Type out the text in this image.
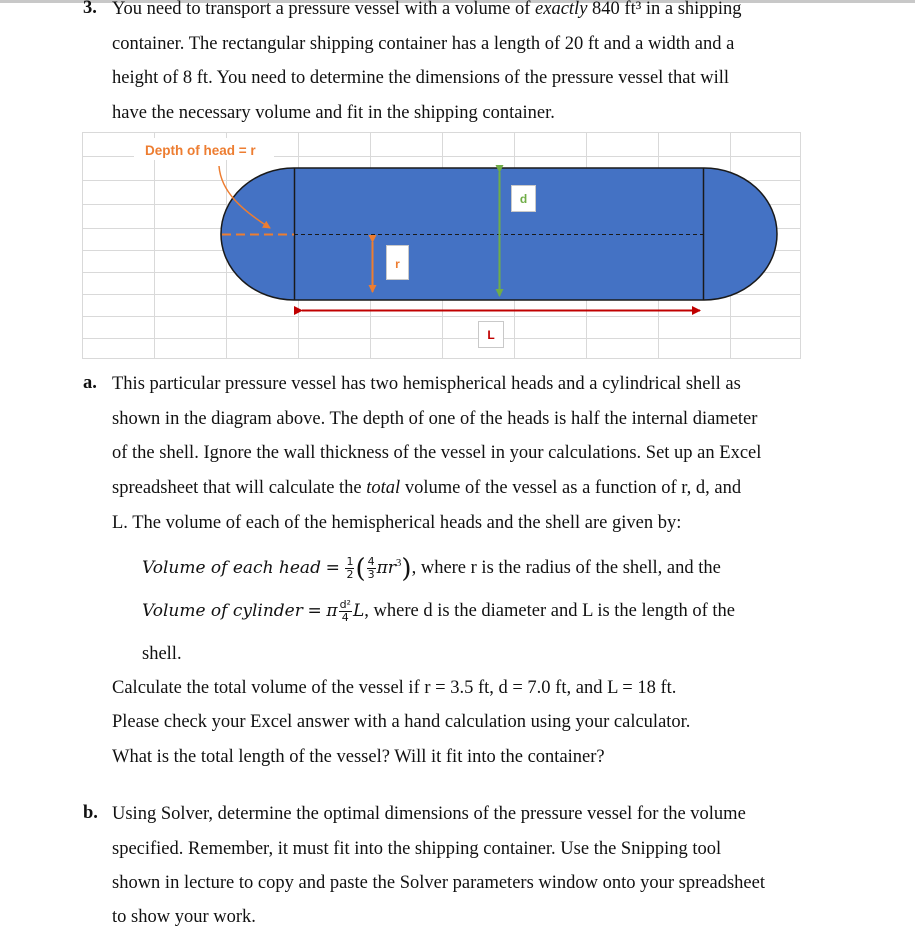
3. You need to transport a pressure vessel with a volume of exactly 840 ft³ in a shipping
container. The rectangular shipping container has a length of 20 ft and a width and a
height of 8 ft. You need to determine the dimensions of the pressure vessel that will
have the necessary volume and fit in the shipping container.
Depth of head = r
r
d
L
a. This particular pressure vessel has two hemispherical heads and a cylindrical shell as
shown in the diagram above. The depth of one of the heads is half the internal diameter
of the shell. Ignore the wall thickness of the vessel in your calculations. Set up an Excel
spreadsheet that will calculate the total volume of the vessel as a function of r, d, and
L. The volume of each of the hemispherical heads and the shell are given by:
Volume of each head = $\frac{1}{2}$ ( $\frac{4}{3} \pi r^3$), where r is the radius of the shell, and the
Volume of cylinder = π $\frac{\text{d²}}{4} L$, where d is the diameter and L is the length of the
shell.
Calculate the total volume of the vessel if r = 3.5 ft, d = 7.0 ft, and L = 18 ft.
Please check your Excel answer with a hand calculation using your calculator.
What is the total length of the vessel? Will it fit into the container?
b. Using Solver, determine the optimal dimensions of the pressure vessel for the volume
specified. Remember, it must fit into the shipping container. Use the Snipping tool
shown in lecture to copy and paste the Solver parameters window onto your spreadsheet
to show your work.
